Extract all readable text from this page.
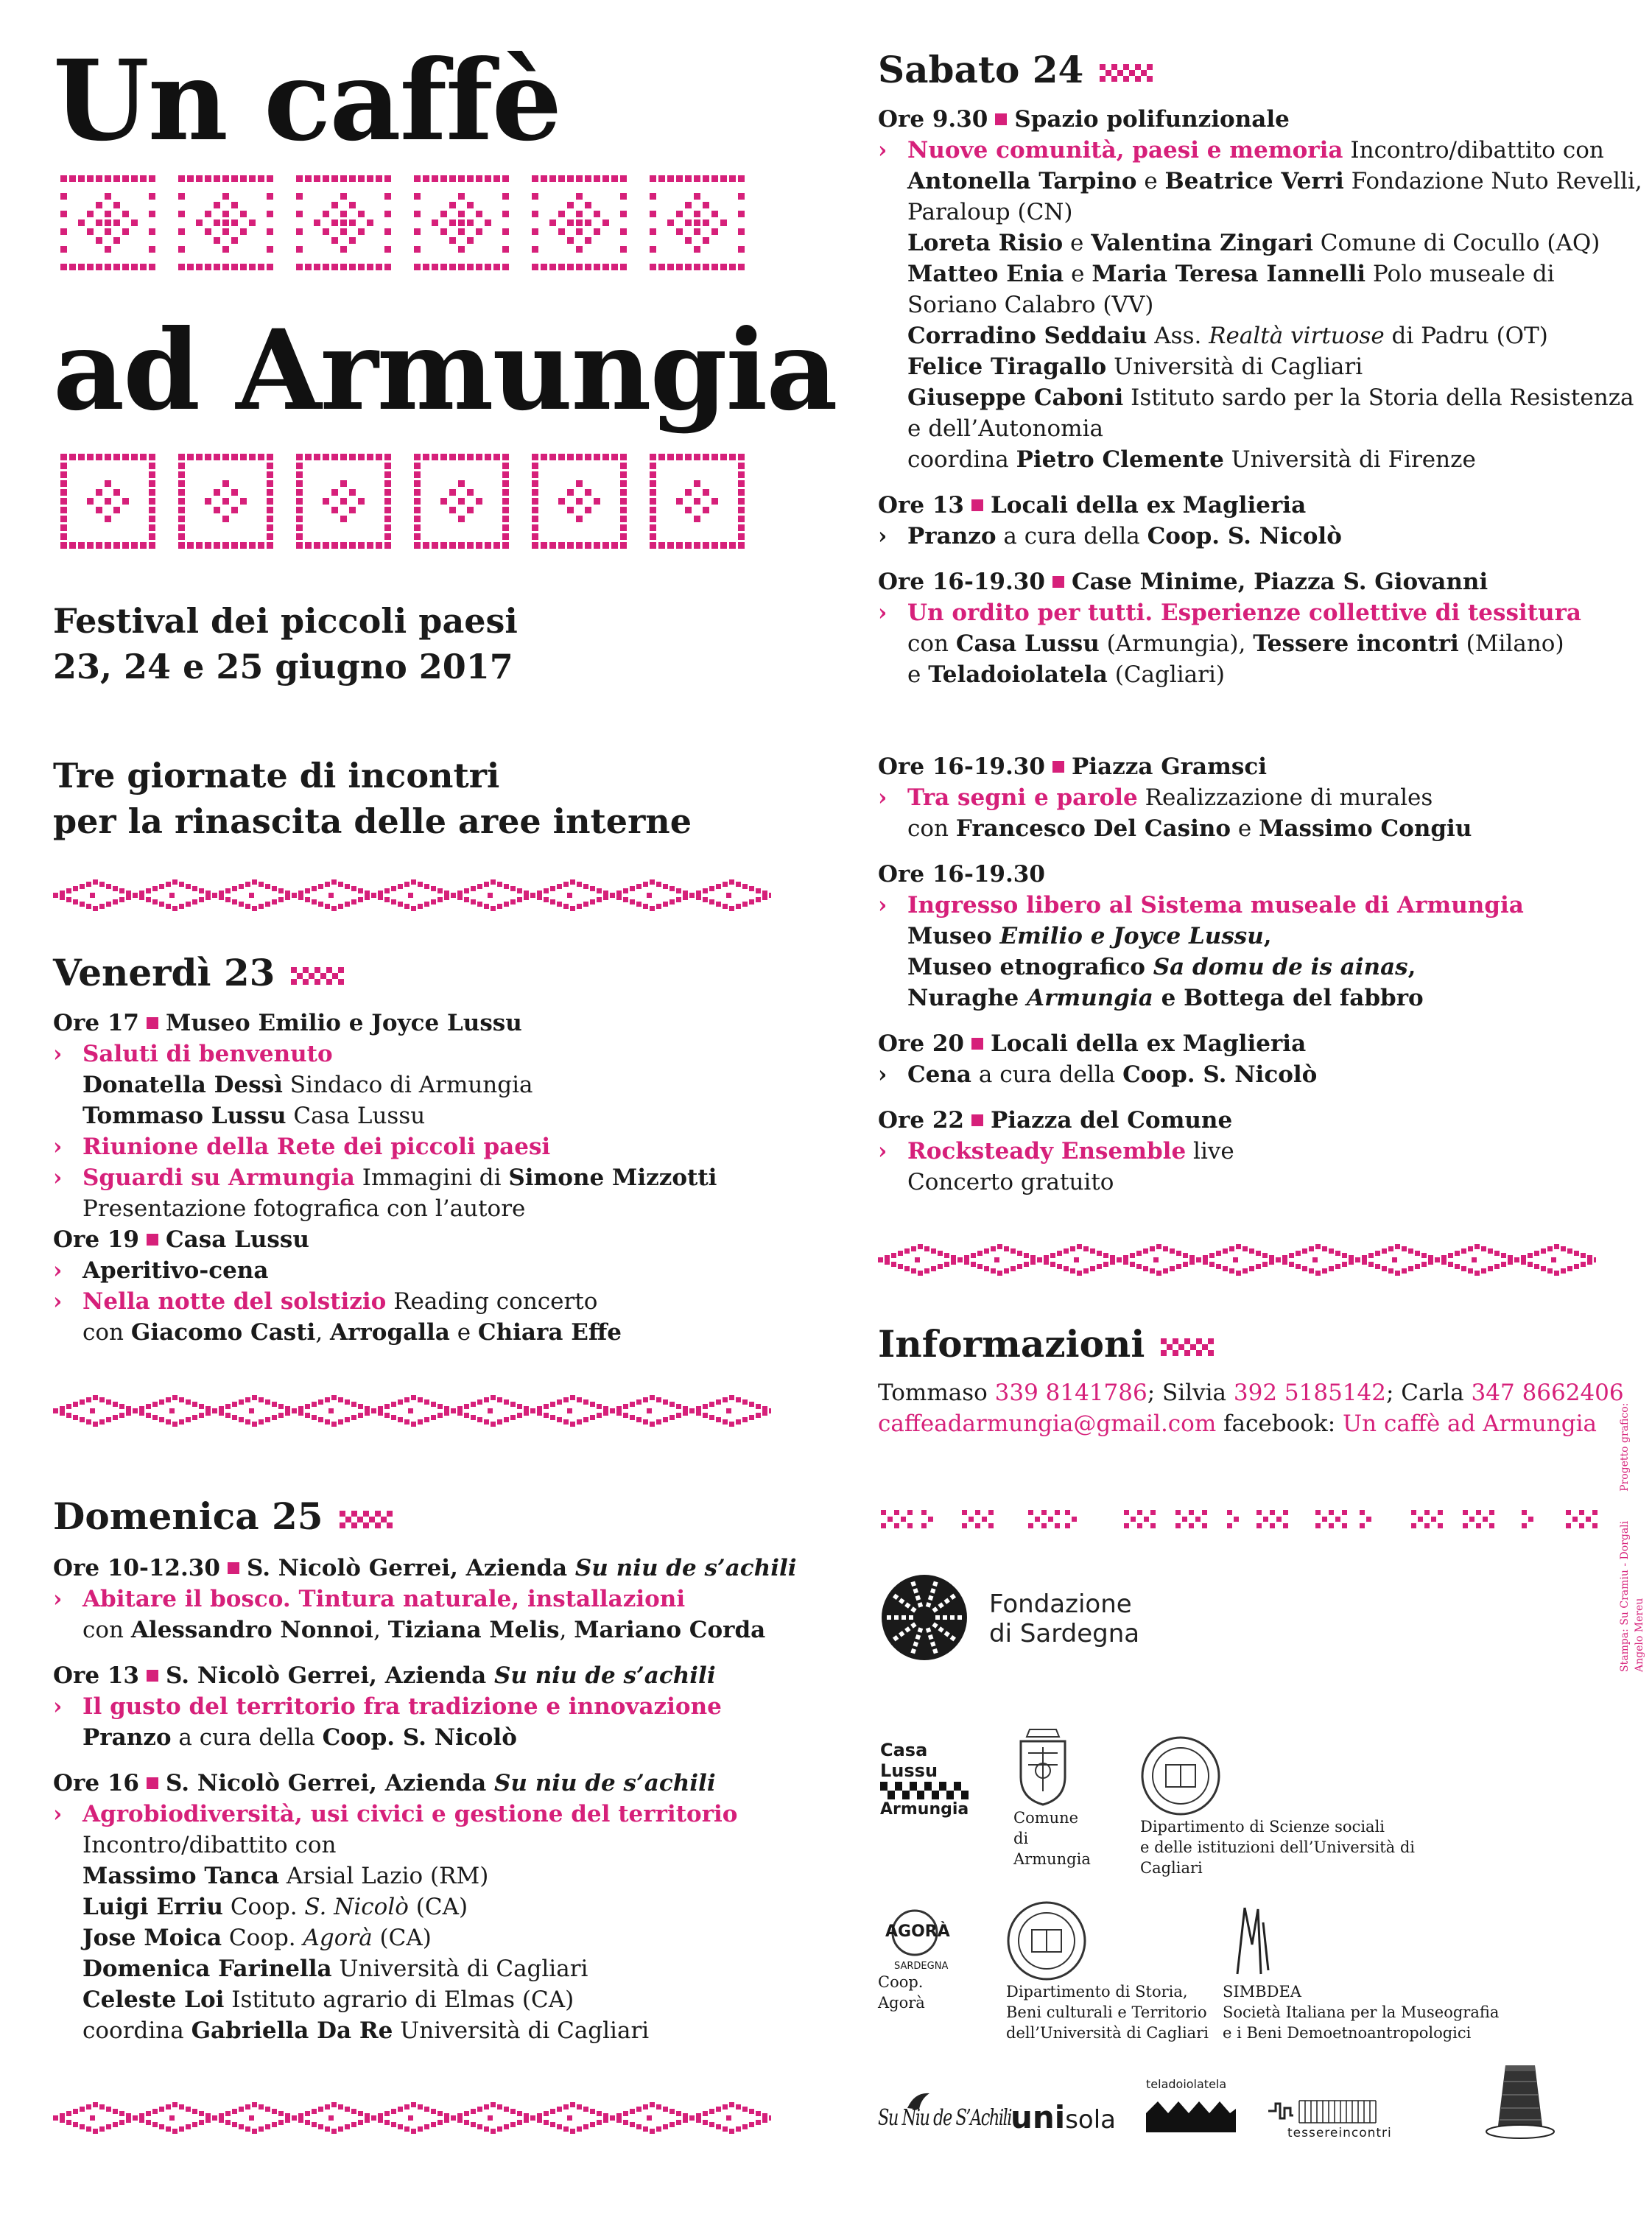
Un caffè
ad Armungia
Festival dei piccoli paesi
23, 24 e 25 giugno 2017
Tre giornate di incontri
per la rinascita delle aree interne
Venerdì 23
Ore 17 Museo Emilio e Joyce Lussu
› Saluti di benvenuto
Donatella Dessì Sindaco di Armungia
Tommaso Lussu Casa Lussu
› Riunione della Rete dei piccoli paesi
› Sguardi su Armungia Immagini di Simone Mizzotti
Presentazione fotografica con l’autore
Ore 19 Casa Lussu
› Aperitivo-cena
› Nella notte del solstizio Reading concerto
con Giacomo Casti, Arrogalla e Chiara Effe
Domenica 25
Ore 10-12.30 S. Nicolò Gerrei, Azienda Su niu de s’achili
› Abitare il bosco. Tintura naturale, installazioni
con Alessandro Nonnoi, Tiziana Melis, Mariano Corda
Ore 13 S. Nicolò Gerrei, Azienda Su niu de s’achili
› Il gusto del territorio fra tradizione e innovazione
Pranzo a cura della Coop. S. Nicolò
Ore 16 S. Nicolò Gerrei, Azienda Su niu de s’achili
› Agrobiodiversità, usi civici e gestione del territorio
Incontro/dibattito con
Massimo Tanca Arsial Lazio (RM)
Luigi Erriu Coop. S. Nicolò (CA)
Jose Moica Coop. Agorà (CA)
Domenica Farinella Università di Cagliari
Celeste Loi Istituto agrario di Elmas (CA)
coordina Gabriella Da Re Università di Cagliari
Sabato 24
Ore 9.30 Spazio polifunzionale
› Nuove comunità, paesi e memoria Incontro/dibattito con
Antonella Tarpino e Beatrice Verri Fondazione Nuto Revelli,
Paraloup (CN)
Loreta Risio e Valentina Zingari Comune di Cocullo (AQ)
Matteo Enia e Maria Teresa Iannelli Polo museale di
Soriano Calabro (VV)
Corradino Seddaiu Ass. Realtà virtuose di Padru (OT)
Felice Tiragallo Università di Cagliari
Giuseppe Caboni Istituto sardo per la Storia della Resistenza
e dell’Autonomia
coordina Pietro Clemente Università di Firenze
Ore 13 Locali della ex Maglieria
› Pranzo a cura della Coop. S. Nicolò
Ore 16-19.30 Case Minime, Piazza S. Giovanni
› Un ordito per tutti. Esperienze collettive di tessitura
con Casa Lussu (Armungia), Tessere incontri (Milano)
e Teladoiolatela (Cagliari)
Ore 16-19.30 Piazza Gramsci
› Tra segni e parole Realizzazione di murales
con Francesco Del Casino e Massimo Congiu
Ore 16-19.30
› Ingresso libero al Sistema museale di Armungia
Museo Emilio e Joyce Lussu,
Museo etnografico Sa domu de is ainas,
Nuraghe Armungia e Bottega del fabbro
Ore 20 Locali della ex Maglieria
› Cena a cura della Coop. S. Nicolò
Ore 22 Piazza del Comune
› Rocksteady Ensemble live
Concerto gratuito
Informazioni
Tommaso 339 8141786; Silvia 392 5185142; Carla 347 8662406
caffeadarmungia@gmail.com facebook: Un caffè ad Armungia
Fondazione
di Sardegna
Casa Lussu
Armungia	Comune
di Armungia
Dipartimento di Scienze sociali
e delle istituzioni dell’Università di Cagliari
AGORÀ
SARDEGNA
Coop. Agorà
Dipartimento di Storia,
Beni culturali e Territorio
dell’Università di Cagliari
SIMBDEA
Società Italiana per la Museografia
e i Beni Demoetnoantropologici
Su Niu de S’Achili unisola
teladoiolatela
tessereincontri
Stampa: Su Cramiu - DorgaliProgetto grafico: Angelo Mereu
